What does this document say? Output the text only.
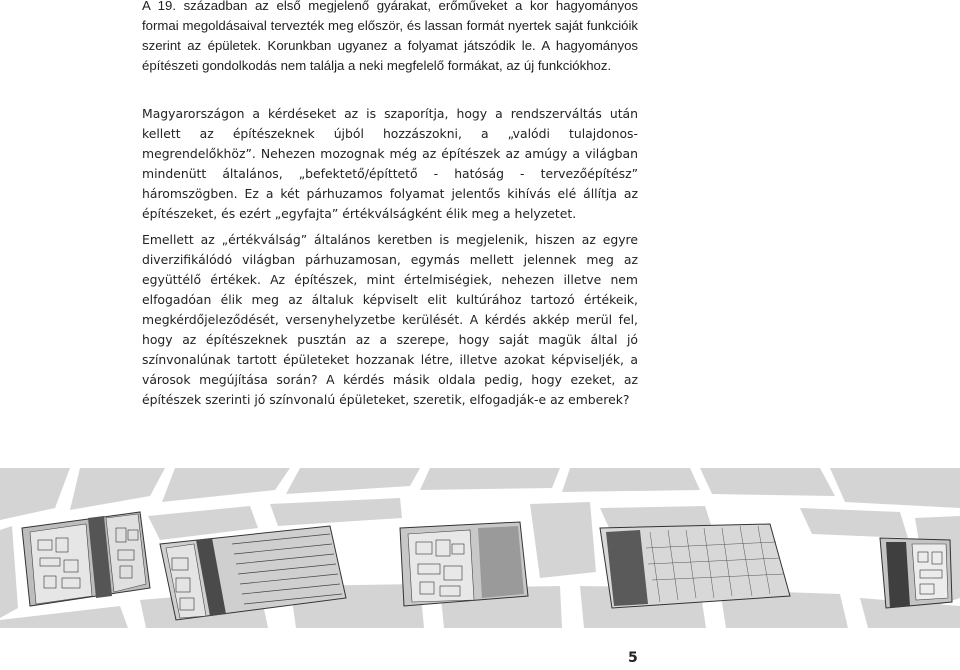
A 19. században az első megjelenő gyárakat, erőműveket a kor hagyományos formai megoldásaival tervezték meg először, és lassan formát nyertek saját funkcióik szerint az épületek. Korunkban ugyanez a folyamat játszódik le. A hagyományos építészeti gondolkodás nem találja a neki megfelelő formákat, az új funkciókhoz.

Magyarországon a kérdéseket az is szaporítja, hogy a rendszerváltás után kellett az építészeknek újból hozzászokni, a „valódi tulajdonos-megrendelőkhöz”. Nehezen mozognak még az építészek az amúgy a világban mindenütt általános, „befektető/építtető - hatóság - tervezőépítész” háromszögben. Ez a két párhuzamos folyamat jelentős kihívás elé állítja az építészeket, és ezért „egyfajta” értékválságként élik meg a helyzetet.

Emellett az „értékválság” általános keretben is megjelenik, hiszen az egyre diverzifikálódó világban párhuzamosan, egymás mellett jelennek meg az együttélő értékek. Az építészek, mint értelmiségiek, nehezen illetve nem elfogadóan élik meg az általuk képviselt elit kultúrához tartozó értékeik, megkérdőjeleződését, versenyhelyzetbe kerülését. A kérdés akkép merül fel, hogy az építészeknek pusztán az a szerepe, hogy saját magük által jó színvonalúnak tartott épületeket hozzanak létre, illetve azokat képviseljék, a városok megújítása során? A kérdés másik oldala pedig, hogy ezeket, az építészek szerinti jó színvonalú épületeket, szeretik, elfogadják-e az emberek?

5
